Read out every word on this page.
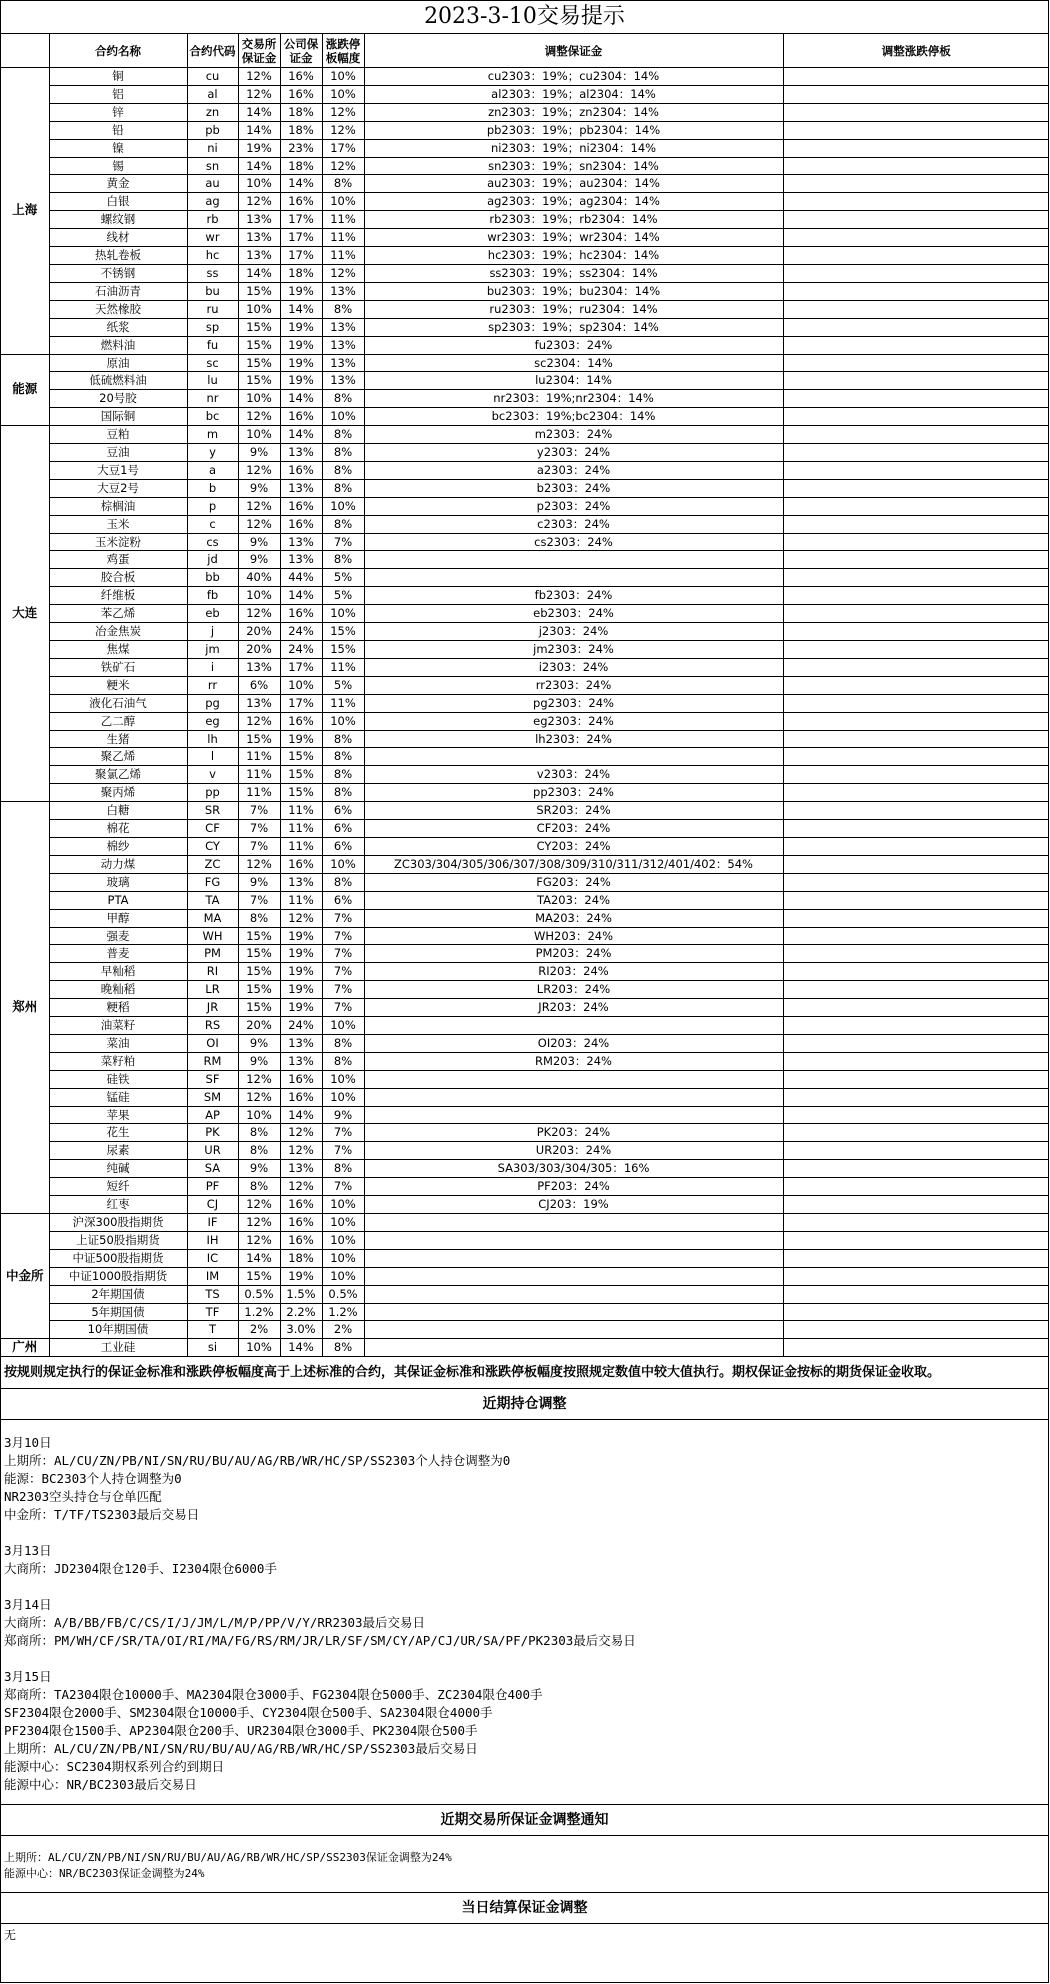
2023-3-10交易提示
	合约名称	合约代码	交易所保证金	公司保证金	涨跌停板幅度	调整保证金	调整涨跌停板
上海	铜	cu	12%	16%	10%	cu2303：19%；cu2304：14%	
	铝	al	12%	16%	10%	al2303：19%；al2304：14%	
	锌	zn	14%	18%	12%	zn2303：19%；zn2304：14%	
	铅	pb	14%	18%	12%	pb2303：19%；pb2304：14%	
	镍	ni	19%	23%	17%	ni2303：19%；ni2304：14%	
	锡	sn	14%	18%	12%	sn2303：19%；sn2304：14%	
	黄金	au	10%	14%	8%	au2303：19%；au2304：14%	
	白银	ag	12%	16%	10%	ag2303：19%；ag2304：14%	
	螺纹钢	rb	13%	17%	11%	rb2303：19%；rb2304：14%	
	线材	wr	13%	17%	11%	wr2303：19%；wr2304：14%	
	热轧卷板	hc	13%	17%	11%	hc2303：19%；hc2304：14%	
	不锈钢	ss	14%	18%	12%	ss2303：19%；ss2304：14%	
	石油沥青	bu	15%	19%	13%	bu2303：19%；bu2304：14%	
	天然橡胶	ru	10%	14%	8%	ru2303：19%；ru2304：14%	
	纸浆	sp	15%	19%	13%	sp2303：19%；sp2304：14%	
	燃料油	fu	15%	19%	13%	fu2303：24%	
能源	原油	sc	15%	19%	13%	sc2304：14%	
	低硫燃料油	lu	15%	19%	13%	lu2304：14%	
	20号胶	nr	10%	14%	8%	nr2303：19%;nr2304：14%	
	国际铜	bc	12%	16%	10%	bc2303：19%;bc2304：14%	
大连	豆粕	m	10%	14%	8%	m2303：24%	
	豆油	y	9%	13%	8%	y2303：24%	
	大豆1号	a	12%	16%	8%	a2303：24%	
	大豆2号	b	9%	13%	8%	b2303：24%	
	棕榈油	p	12%	16%	10%	p2303：24%	
	玉米	c	12%	16%	8%	c2303：24%	
	玉米淀粉	cs	9%	13%	7%	cs2303：24%	
	鸡蛋	jd	9%	13%	8%		
	胶合板	bb	40%	44%	5%		
	纤维板	fb	10%	14%	5%	fb2303：24%	
	苯乙烯	eb	12%	16%	10%	eb2303：24%	
	冶金焦炭	j	20%	24%	15%	j2303：24%	
	焦煤	jm	20%	24%	15%	jm2303：24%	
	铁矿石	i	13%	17%	11%	i2303：24%	
	粳米	rr	6%	10%	5%	rr2303：24%	
	液化石油气	pg	13%	17%	11%	pg2303：24%	
	乙二醇	eg	12%	16%	10%	eg2303：24%	
	生猪	lh	15%	19%	8%	lh2303：24%	
	聚乙烯	l	11%	15%	8%		
	聚氯乙烯	v	11%	15%	8%	v2303：24%	
	聚丙烯	pp	11%	15%	8%	pp2303：24%	
郑州	白糖	SR	7%	11%	6%	SR203：24%	
	棉花	CF	7%	11%	6%	CF203：24%	
	棉纱	CY	7%	11%	6%	CY203：24%	
	动力煤	ZC	12%	16%	10%	ZC303/304/305/306/307/308/309/310/311/312/401/402：54%	
	玻璃	FG	9%	13%	8%	FG203：24%	
	PTA	TA	7%	11%	6%	TA203：24%	
	甲醇	MA	8%	12%	7%	MA203：24%	
	强麦	WH	15%	19%	7%	WH203：24%	
	普麦	PM	15%	19%	7%	PM203：24%	
	早籼稻	RI	15%	19%	7%	RI203：24%	
	晚籼稻	LR	15%	19%	7%	LR203：24%	
	粳稻	JR	15%	19%	7%	JR203：24%	
	油菜籽	RS	20%	24%	10%		
	菜油	OI	9%	13%	8%	OI203：24%	
	菜籽粕	RM	9%	13%	8%	RM203：24%	
	硅铁	SF	12%	16%	10%		
	锰硅	SM	12%	16%	10%		
	苹果	AP	10%	14%	9%		
	花生	PK	8%	12%	7%	PK203：24%	
	尿素	UR	8%	12%	7%	UR203：24%	
	纯碱	SA	9%	13%	8%	SA303/303/304/305：16%	
	短纤	PF	8%	12%	7%	PF203：24%	
	红枣	CJ	12%	16%	10%	CJ203：19%	
中金所	沪深300股指期货	IF	12%	16%	10%		
	上证50股指期货	IH	12%	16%	10%		
	中证500股指期货	IC	14%	18%	10%		
	中证1000股指期货	IM	15%	19%	10%		
	2年期国债	TS	0.5%	1.5%	0.5%		
	5年期国债	TF	1.2%	2.2%	1.2%		
	10年期国债	T	2%	3.0%	2%		
广州	工业硅	si	10%	14%	8%		
按规则规定执行的保证金标准和涨跌停板幅度高于上述标准的合约，其保证金标准和涨跌停板幅度按照规定数值中较大值执行。期权保证金按标的期货保证金收取。
近期持仓调整
3月10日
上期所：AL/CU/ZN/PB/NI/SN/RU/BU/AU/AG/RB/WR/HC/SP/SS2303个人持仓调整为0
能源：BC2303个人持仓调整为0
NR2303空头持仓与仓单匹配
中金所：T/TF/TS2303最后交易日
3月13日
大商所：JD2304限仓120手、I2304限仓6000手
3月14日
大商所：A/B/BB/FB/C/CS/I/J/JM/L/M/P/PP/V/Y/RR2303最后交易日
郑商所：PM/WH/CF/SR/TA/OI/RI/MA/FG/RS/RM/JR/LR/SF/SM/CY/AP/CJ/UR/SA/PF/PK2303最后交易日
3月15日
郑商所：TA2304限仓10000手、MA2304限仓3000手、FG2304限仓5000手、ZC2304限仓400手
SF2304限仓2000手、SM2304限仓10000手、CY2304限仓500手、SA2304限仓4000手
PF2304限仓1500手、AP2304限仓200手、UR2304限仓3000手、PK2304限仓500手
上期所：AL/CU/ZN/PB/NI/SN/RU/BU/AU/AG/RB/WR/HC/SP/SS2303最后交易日
能源中心：SC2304期权系列合约到期日
能源中心：NR/BC2303最后交易日
近期交易所保证金调整通知
上期所：AL/CU/ZN/PB/NI/SN/RU/BU/AU/AG/RB/WR/HC/SP/SS2303保证金调整为24%
能源中心：NR/BC2303保证金调整为24%
当日结算保证金调整
无
